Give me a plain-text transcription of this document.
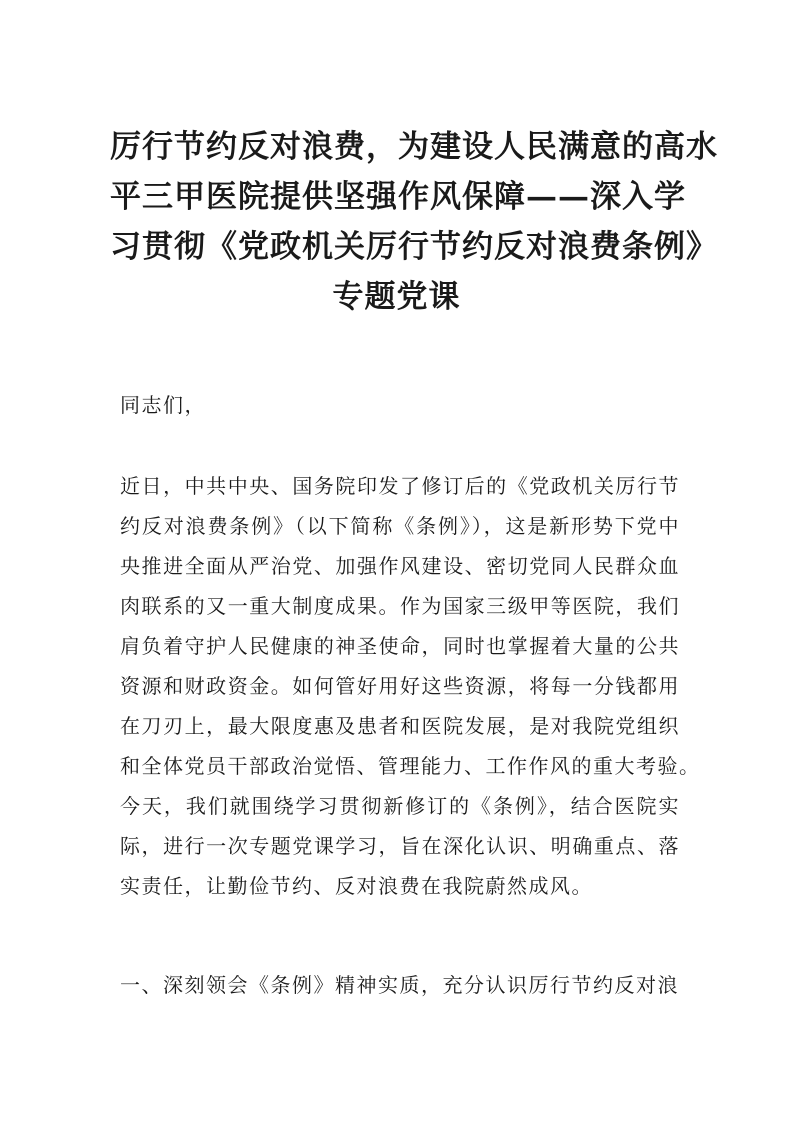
厉行节约反对浪费，为建设人民满意的高水
平三甲医院提供坚强作风保障——深入学
习贯彻《党政机关厉行节约反对浪费条例》
专题党课

同志们，

近日，中共中央、国务院印发了修订后的《党政机关厉行节
约反对浪费条例》（以下简称《条例》），这是新形势下党中
央推进全面从严治党、加强作风建设、密切党同人民群众血
肉联系的又一重大制度成果。作为国家三级甲等医院，我们
肩负着守护人民健康的神圣使命，同时也掌握着大量的公共
资源和财政资金。如何管好用好这些资源，将每一分钱都用
在刀刃上，最大限度惠及患者和医院发展，是对我院党组织
和全体党员干部政治觉悟、管理能力、工作作风的重大考验。
今天，我们就围绕学习贯彻新修订的《条例》，结合医院实
际，进行一次专题党课学习，旨在深化认识、明确重点、落
实责任，让勤俭节约、反对浪费在我院蔚然成风。

一、深刻领会《条例》精神实质，充分认识厉行节约反对浪
